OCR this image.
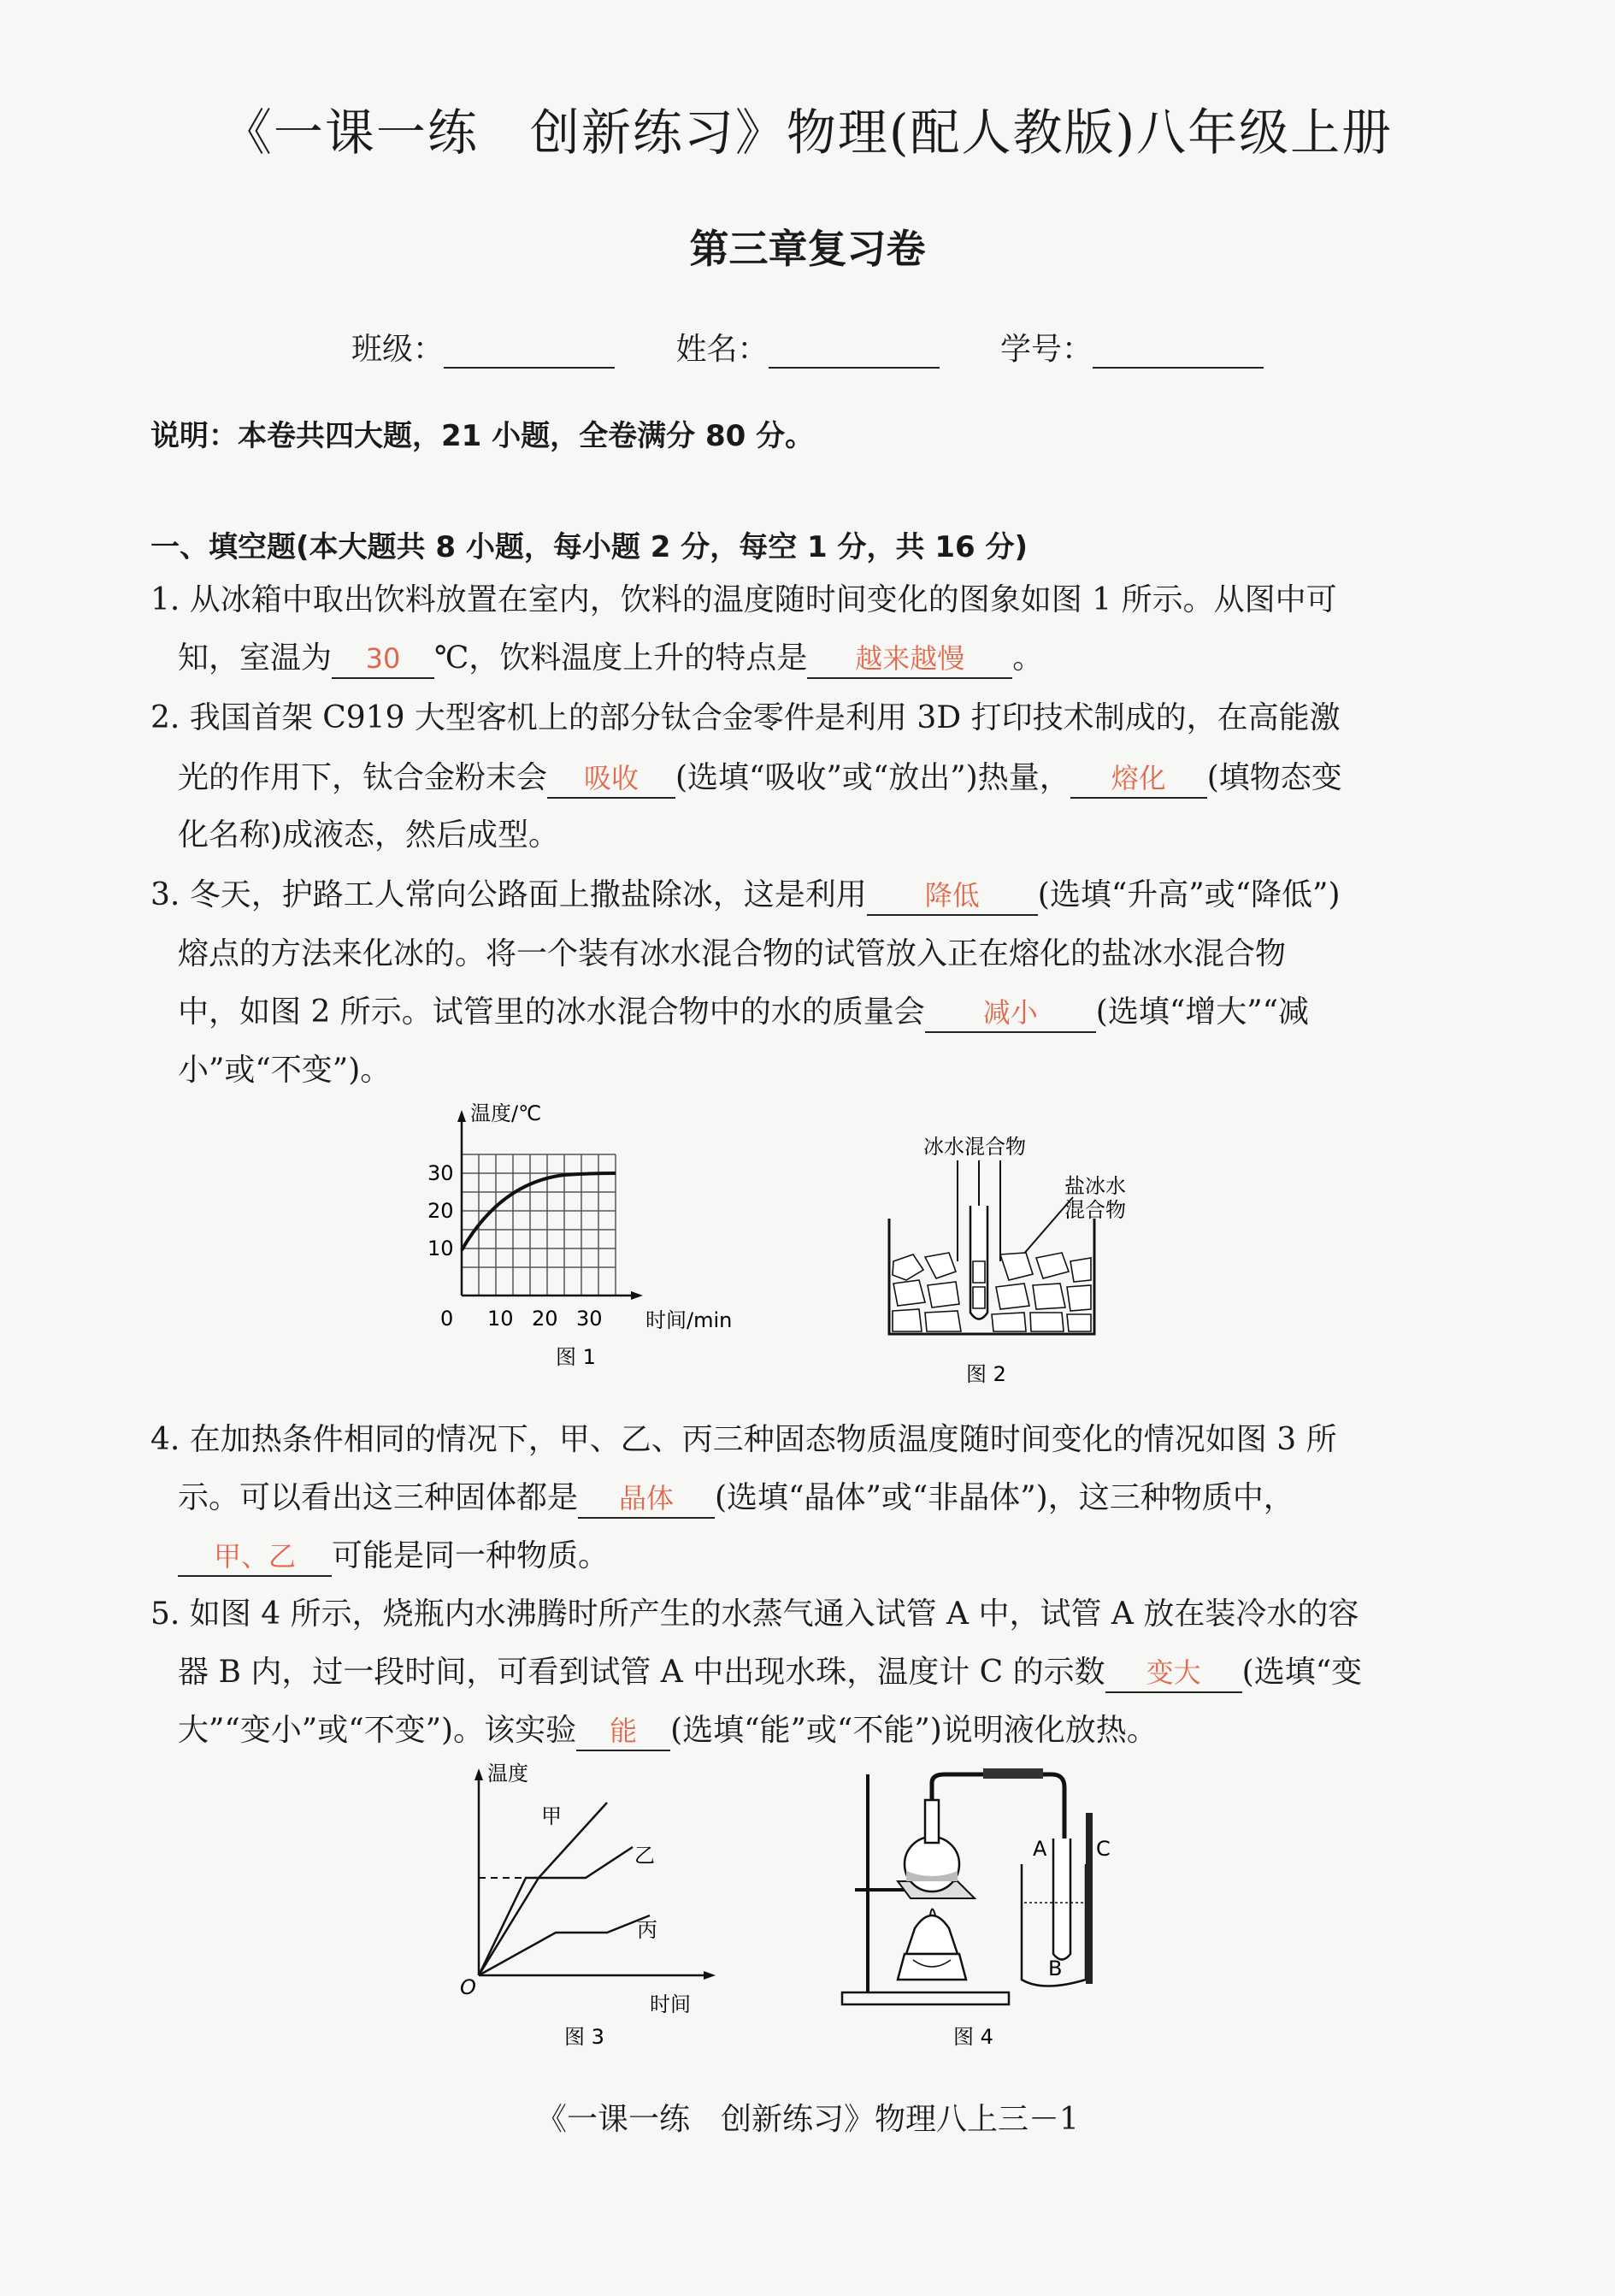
《一课一练　创新练习》物理(配人教版)八年级上册
第三章复习卷
班级：	姓名：	学号：
说明：本卷共四大题，21 小题，全卷满分 80 分。
一、填空题(本大题共 8 小题，每小题 2 分，每空 1 分，共 16 分)
1. 从冰箱中取出饮料放置在室内，饮料的温度随时间变化的图象如图 1 所示。从图中可
知，室温为 30 ℃，饮料温度上升的特点是 越来越慢 。
2. 我国首架 C919 大型客机上的部分钛合金零件是利用 3D 打印技术制成的，在高能激
光的作用下，钛合金粉末会 吸收 (选填“吸收”或“放出”)热量， 熔化 (填物态变
化名称)成液态，然后成型。
3. 冬天，护路工人常向公路面上撒盐除冰，这是利用 降低 (选填“升高”或“降低”)
熔点的方法来化冰的。将一个装有冰水混合物的试管放入正在熔化的盐冰水混合物
中，如图 2 所示。试管里的冰水混合物中的水的质量会 减小 (选填“增大”“减
小”或“不变”)。
温度/℃
时间/min
0
10
20
30
10 20 30
图 1
冰水混合物
盐冰水
混合物
图 2
4. 在加热条件相同的情况下，甲、乙、丙三种固态物质温度随时间变化的情况如图 3 所
示。可以看出这三种固体都是 晶体 (选填“晶体”或“非晶体”)，这三种物质中，
甲、乙 可能是同一种物质。
5. 如图 4 所示，烧瓶内水沸腾时所产生的水蒸气通入试管 A 中，试管 A 放在装冷水的容
器 B 内，过一段时间，可看到试管 A 中出现水珠，温度计 C 的示数 变大 (选填“变
大”“变小”或“不变”)。该实验 能 (选填“能”或“不能”)说明液化放热。
温度
时间
O
甲
乙
丙
图 3
A
B
C
图 4
《一课一练　创新练习》物理八上三－1
